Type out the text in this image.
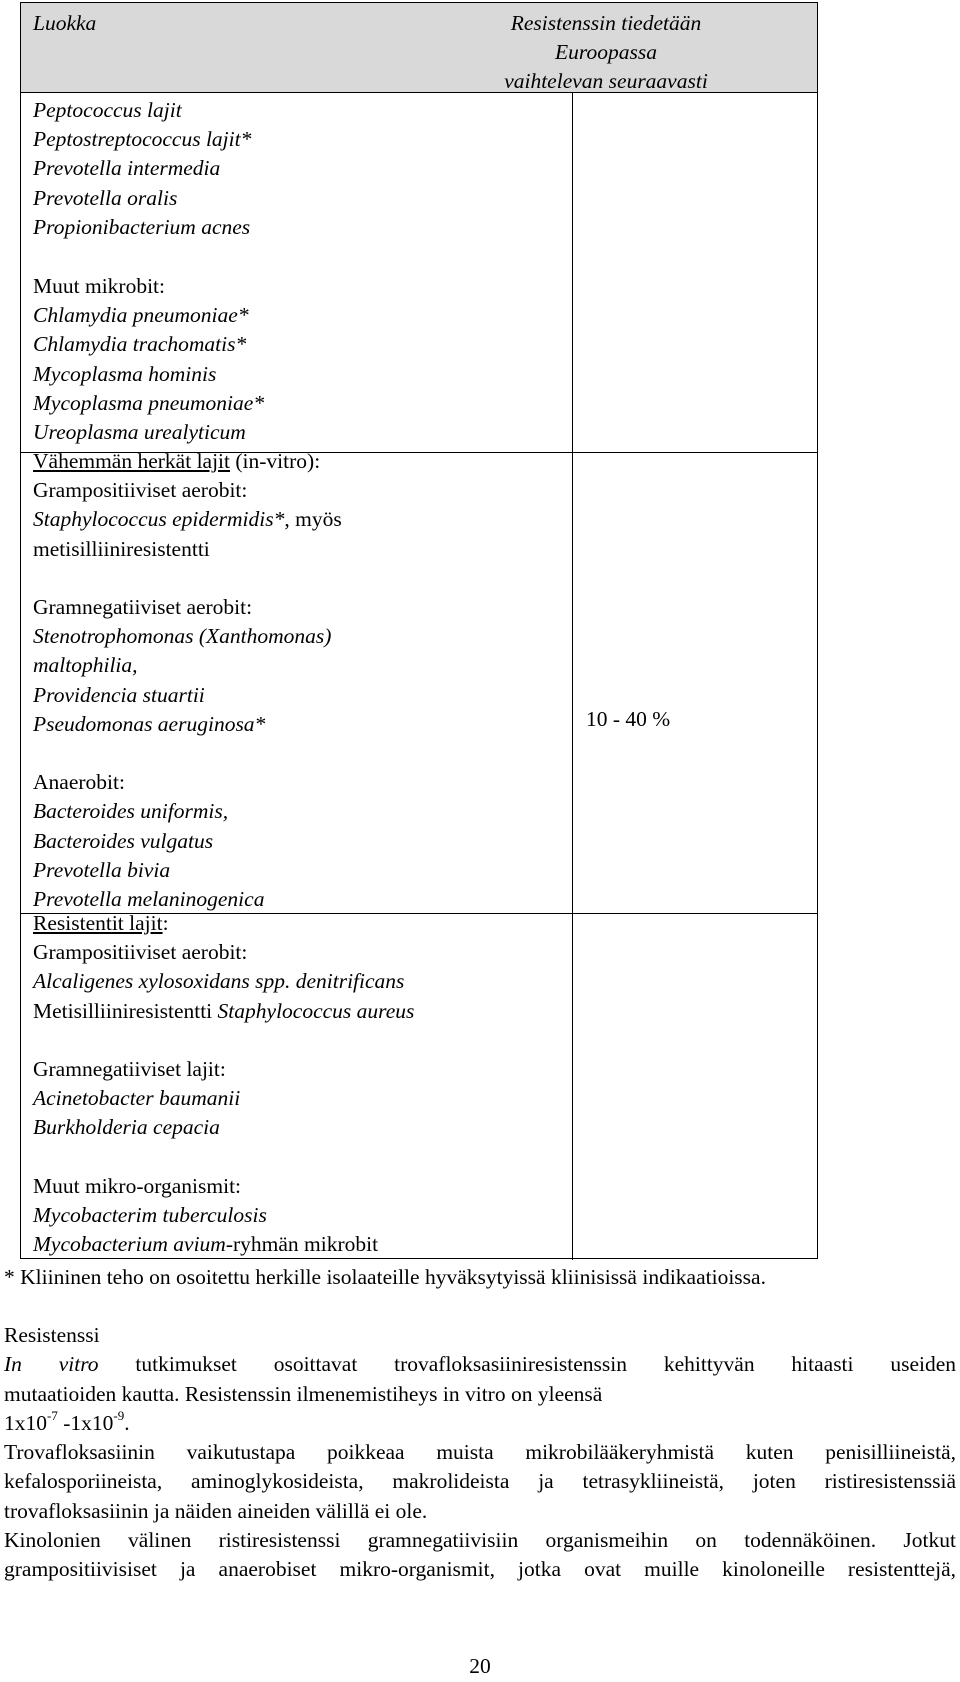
Luokka	Resistenssin tiedetään
Euroopassa
vaihtelevan seuraavasti
Peptococcus lajit
Peptostreptococcus lajit*
Prevotella intermedia
Prevotella oralis
Propionibacterium acnes
Muut mikrobit:
Chlamydia pneumoniae*
Chlamydia trachomatis*
Mycoplasma hominis
Mycoplasma pneumoniae*
Ureoplasma urealyticum
Vähemmän herkät lajit (in-vitro):
Grampositiiviset aerobit:
Staphylococcus epidermidis*, myös
metisilliiniresistentti

Gramnegatiiviset aerobit:
Stenotrophomonas (Xanthomonas)
maltophilia,
Providencia stuartii
Pseudomonas aeruginosa*

Anaerobit:
Bacteroides uniformis,
Bacteroides vulgatus
Prevotella bivia
Prevotella melaninogenica
10 - 40 %
Resistentit lajit:
Grampositiiviset aerobit:
Alcaligenes xylosoxidans spp. denitrificans
Metisilliiniresistentti Staphylococcus aureus

Gramnegatiiviset lajit:
Acinetobacter baumanii
Burkholderia cepacia

Muut mikro-organismit:
Mycobacterim tuberculosis
Mycobacterium avium-ryhmän mikrobit
* Kliininen teho on osoitettu herkille isolaateille hyväksytyissä kliinisissä indikaatioissa.

Resistenssi

In vitro tutkimukset osoittavat trovafloksasiiniresistenssin kehittyvän hitaasti useiden

mutaatioiden kautta. Resistenssin ilmenemistiheys in vitro on yleensä

$1x10^{-7}$ $-1x10^{-9}$.

Trovafloksasiinin vaikutustapa poikkeaa muista mikrobilääkeryhmistä kuten penisilliineistä,

kefalosporiineista, aminoglykosideista, makrolideista ja tetrasykliineistä, joten ristiresistenssiä

trovafloksasiinin ja näiden aineiden välillä ei ole.

Kinolonien välinen ristiresistenssi gramnegatiivisiin organismeihin on todennäköinen. Jotkut

grampositiivisiset ja anaerobiset mikro-organismit, jotka ovat muille kinoloneille resistenttejä,

20
